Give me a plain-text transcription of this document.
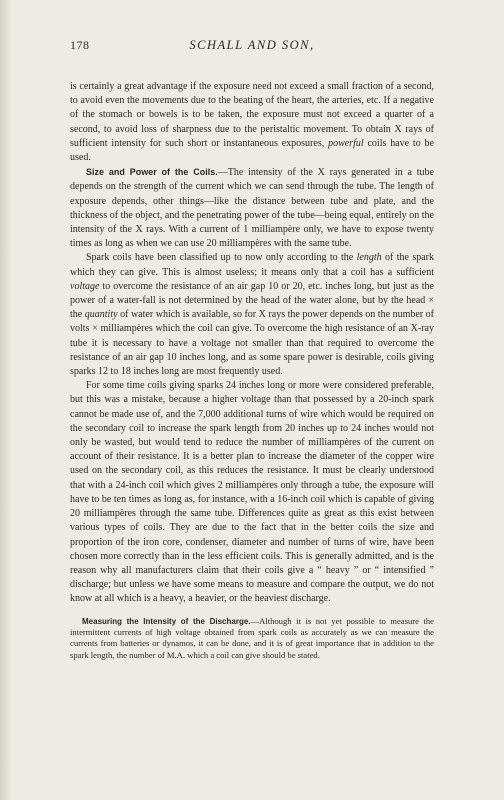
178	SCHALL AND SON,

is certainly a great advantage if the exposure need not exceed a small fraction of a second, to avoid even the movements due to the beating of the heart, the arteries, etc. If a negative of the stomach or bowels is to be taken, the exposure must not exceed a quarter of a second, to avoid loss of sharpness due to the peristaltic movement. To obtain X rays of sufficient intensity for such short or instantaneous exposures, powerful coils have to be used.

Size and Power of the Coils.—The intensity of the X rays generated in a tube depends on the strength of the current which we can send through the tube. The length of exposure depends, other things—like the distance between tube and plate, and the thickness of the object, and the penetrating power of the tube—being equal, entirely on the intensity of the X rays. With a current of 1 milliampère only, we have to expose twenty times as long as when we can use 20 milliampères with the same tube.

Spark coils have been classified up to now only according to the length of the spark which they can give. This is almost useless; it means only that a coil has a sufficient voltage to overcome the resistance of an air gap 10 or 20, etc. inches long, but just as the power of a water-fall is not determined by the head of the water alone, but by the head × the quantity of water which is available, so for X rays the power depends on the number of volts × milliampères which the coil can give. To overcome the high resistance of an X-ray tube it is necessary to have a voltage not smaller than that required to overcome the resistance of an air gap 10 inches long, and as some spare power is desirable, coils giving sparks 12 to 18 inches long are most frequently used.

For some time coils giving sparks 24 inches long or more were considered preferable, but this was a mistake, because a higher voltage than that possessed by a 20-inch spark cannot be made use of, and the 7,000 additional turns of wire which would be required on the secondary coil to increase the spark length from 20 inches up to 24 inches would not only be wasted, but would tend to reduce the number of milliampères of the current on account of their resistance. It is a better plan to increase the diameter of the copper wire used on the secondary coil, as this reduces the resistance. It must be clearly understood that with a 24-inch coil which gives 2 milliampères only through a tube, the exposure will have to be ten times as long as, for instance, with a 16-inch coil which is capable of giving 20 milliampères through the same tube. Differences quite as great as this exist between various types of coils. They are due to the fact that in the better coils the size and proportion of the iron core, condenser, diameter and number of turns of wire, have been chosen more correctly than in the less efficient coils. This is generally admitted, and is the reason why all manufacturers claim that their coils give a “ heavy ” or “ intensified ” discharge; but unless we have some means to measure and compare the output, we do not know at all which is a heavy, a heavier, or the heaviest discharge.

Measuring the Intensity of the Discharge.—Although it is not yet possible to measure the intermittent currents of high voltage obtained from spark coils as accurately as we can measure the currents from batteries or dynamos, it can be done, and it is of great importance that in addition to the spark length, the number of M.A. which a coil can give should be stated.
